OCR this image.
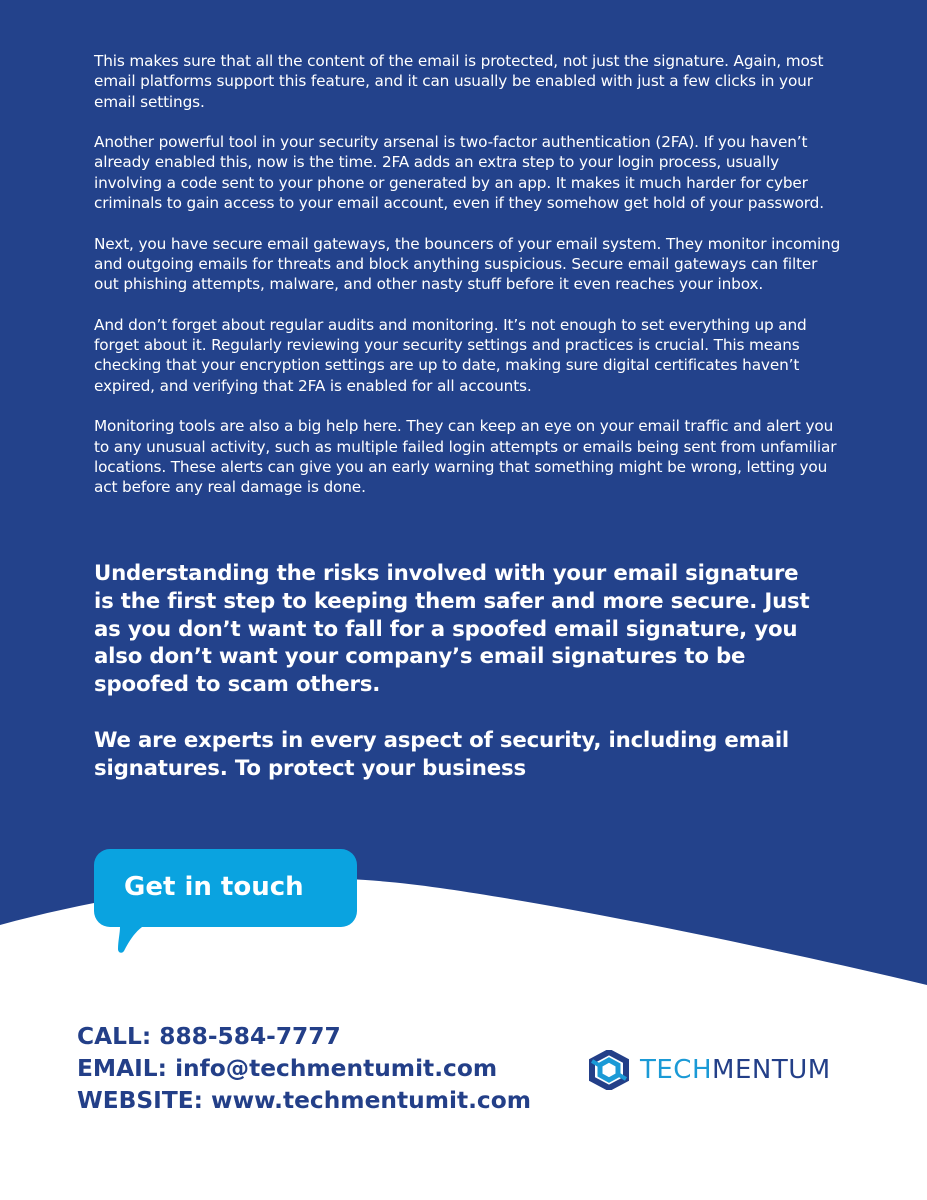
This makes sure that all the content of the email is protected, not just the signature. Again, most email platforms support this feature, and it can usually be enabled with just a few clicks in your email settings.

Another powerful tool in your security arsenal is two-factor authentication (2FA). If you haven’t already enabled this, now is the time. 2FA adds an extra step to your login process, usually involving a code sent to your phone or generated by an app. It makes it much harder for cyber criminals to gain access to your email account, even if they somehow get hold of your password.

Next, you have secure email gateways, the bouncers of your email system. They monitor incoming and outgoing emails for threats and block anything suspicious. Secure email gateways can filter out phishing attempts, malware, and other nasty stuff before it even reaches your inbox.

And don’t forget about regular audits and monitoring. It’s not enough to set everything up and forget about it. Regularly reviewing your security settings and practices is crucial. This means checking that your encryption settings are up to date, making sure digital certificates haven’t expired, and verifying that 2FA is enabled for all accounts.

Monitoring tools are also a big help here. They can keep an eye on your email traffic and alert you to any unusual activity, such as multiple failed login attempts or emails being sent from unfamiliar locations. These alerts can give you an early warning that something might be wrong, letting you act before any real damage is done.

Understanding the risks involved with your email signature is the first step to keeping them safer and more secure. Just as you don’t want to fall for a spoofed email signature, you also don’t want your company’s email signatures to be spoofed to scam others.

We are experts in every aspect of security, including email signatures. To protect your business

Get in touch
CALL: 888-584-7777
EMAIL: info@techmentumit.com
WEBSITE: www.techmentumit.com
TECHMENTUM
